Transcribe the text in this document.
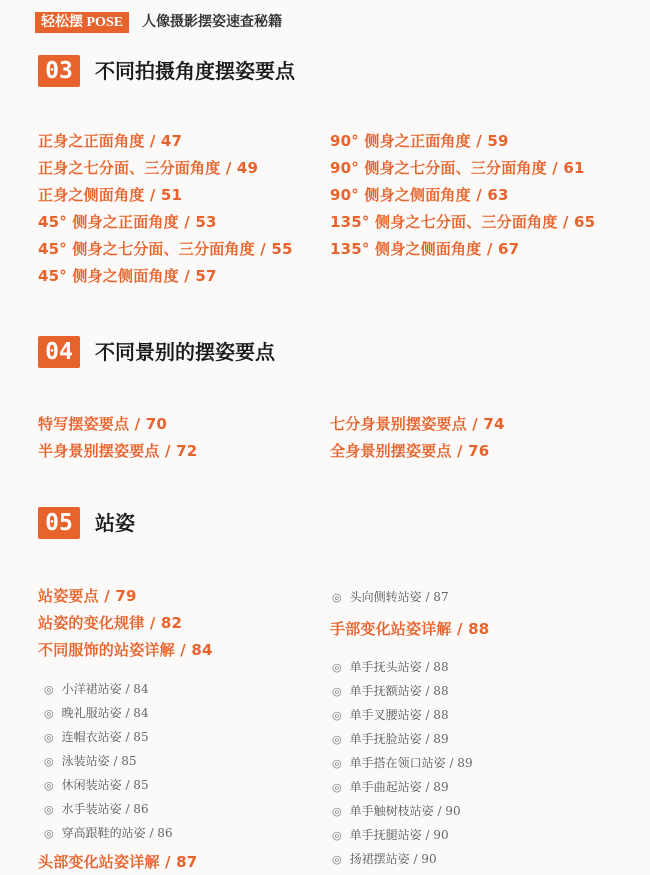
轻松摆 POSE	人像摄影摆姿速查秘籍
03	不同拍摄角度摆姿要点
正身之正面角度 / 47
正身之七分面、三分面角度 / 49
正身之侧面角度 / 51
45° 侧身之正面角度 / 53
45° 侧身之七分面、三分面角度 / 55
45° 侧身之侧面角度 / 57
90° 侧身之正面角度 / 59
90° 侧身之七分面、三分面角度 / 61
90° 侧身之侧面角度 / 63
135° 侧身之七分面、三分面角度 / 65
135° 侧身之侧面角度 / 67
04	不同景别的摆姿要点
特写摆姿要点 / 70
半身景别摆姿要点 / 72
七分身景别摆姿要点 / 74
全身景别摆姿要点 / 76
05	站姿
站姿要点 / 79
站姿的变化规律 / 82
不同服饰的站姿详解 / 84
◎ 小洋裙站姿 / 84
◎ 晚礼服站姿 / 84
◎ 连帽衣站姿 / 85
◎ 泳装站姿 / 85
◎ 休闲装站姿 / 85
◎ 水手装站姿 / 86
◎ 穿高跟鞋的站姿 / 86
头部变化站姿详解 / 87
◎ 头向侧转站姿 / 87
手部变化站姿详解 / 88
◎ 单手抚头站姿 / 88
◎ 单手抚额站姿 / 88
◎ 单手叉腰站姿 / 88
◎ 单手抚脸站姿 / 89
◎ 单手搭在领口站姿 / 89
◎ 单手曲起站姿 / 89
◎ 单手触树枝站姿 / 90
◎ 单手抚腿站姿 / 90
◎ 扬裙摆站姿 / 90
